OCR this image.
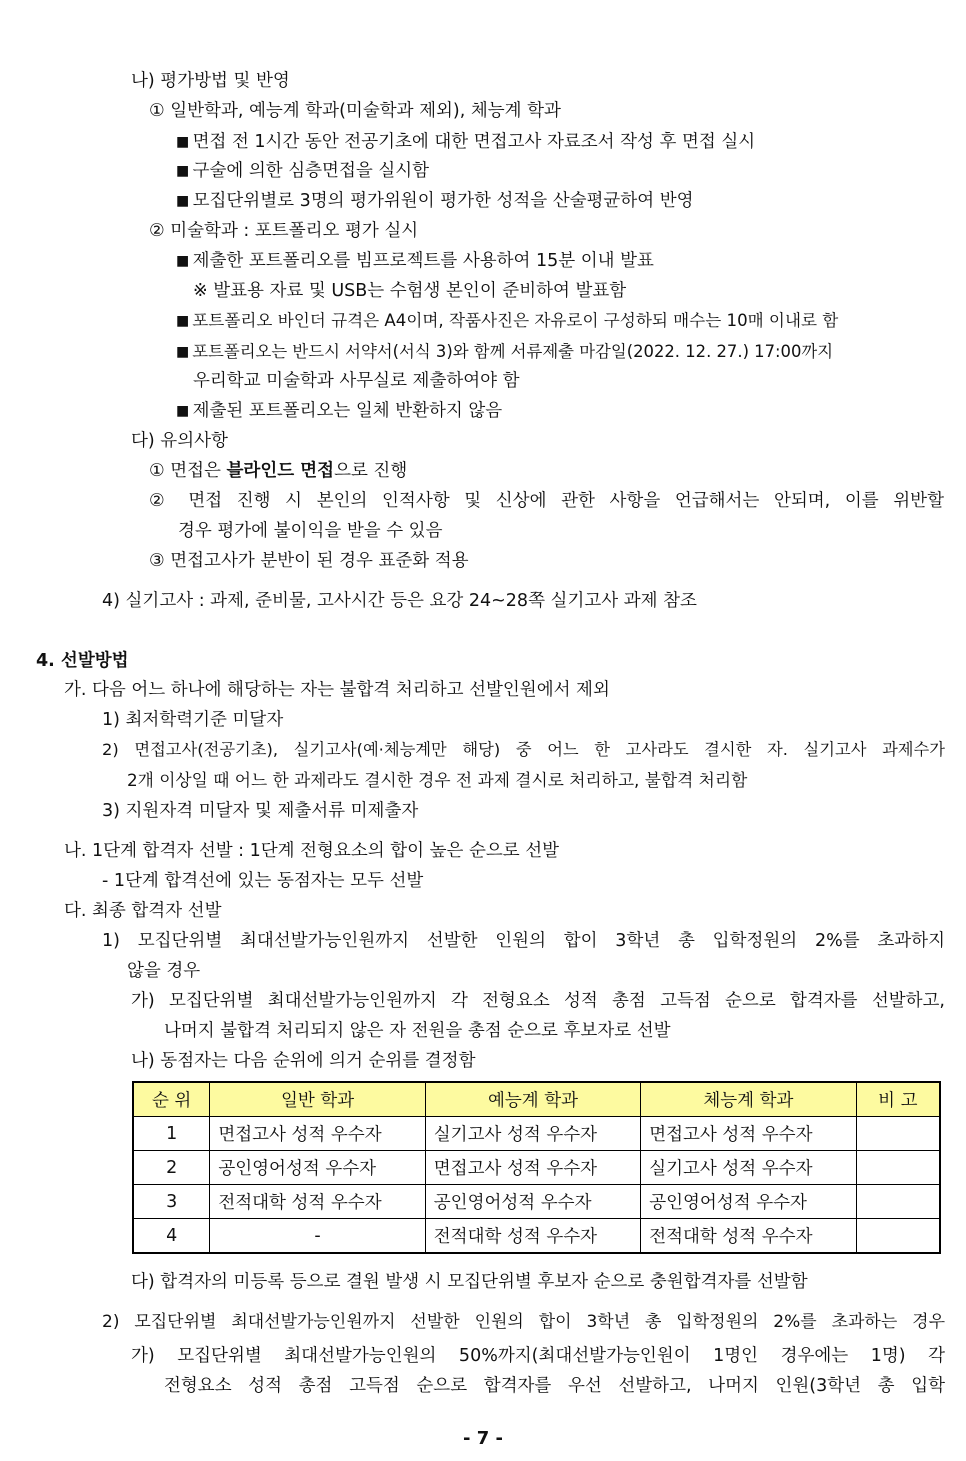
나) 평가방법 및 반영
① 일반학과, 예능계 학과(미술학과 제외), 체능계 학과
■ 면접 전 1시간 동안 전공기초에 대한 면접고사 자료조서 작성 후 면접 실시
■ 구술에 의한 심층면접을 실시함
■ 모집단위별로 3명의 평가위원이 평가한 성적을 산술평균하여 반영
② 미술학과 : 포트폴리오 평가 실시
■ 제출한 포트폴리오를 빔프로젝트를 사용하여 15분 이내 발표
※ 발표용 자료 및 USB는 수험생 본인이 준비하여 발표함
■ 포트폴리오 바인더 규격은 A4이며, 작품사진은 자유로이 구성하되 매수는 10매 이내로 함
■ 포트폴리오는 반드시 서약서(서식 3)와 함께 서류제출 마감일(2022. 12. 27.) 17:00까지
우리학교 미술학과 사무실로 제출하여야 함
■ 제출된 포트폴리오는 일체 반환하지 않음
다) 유의사항
① 면접은 블라인드 면접으로 진행
② 면접 진행 시 본인의 인적사항 및 신상에 관한 사항을 언급해서는 안되며, 이를 위반할
경우 평가에 불이익을 받을 수 있음
③ 면접고사가 분반이 된 경우 표준화 적용
4) 실기고사 : 과제, 준비물, 고사시간 등은 요강 24~28쪽 실기고사 과제 참조
4. 선발방법
가. 다음 어느 하나에 해당하는 자는 불합격 처리하고 선발인원에서 제외
1) 최저학력기준 미달자
2) 면접고사(전공기초), 실기고사(예·체능계만 해당) 중 어느 한 고사라도 결시한 자. 실기고사 과제수가
2개 이상일 때 어느 한 과제라도 결시한 경우 전 과제 결시로 처리하고, 불합격 처리함
3) 지원자격 미달자 및 제출서류 미제출자
나. 1단계 합격자 선발 : 1단계 전형요소의 합이 높은 순으로 선발
- 1단계 합격선에 있는 동점자는 모두 선발
다. 최종 합격자 선발
1) 모집단위별 최대선발가능인원까지 선발한 인원의 합이 3학년 총 입학정원의 2%를 초과하지
않을 경우
가) 모집단위별 최대선발가능인원까지 각 전형요소 성적 총점 고득점 순으로 합격자를 선발하고,
나머지 불합격 처리되지 않은 자 전원을 총점 순으로 후보자로 선발
나) 동점자는 다음 순위에 의거 순위를 결정함
순 위	일반 학과	예능계 학과	체능계 학과	비 고
1	면접고사 성적 우수자	실기고사 성적 우수자	면접고사 성적 우수자	
2	공인영어성적 우수자	면접고사 성적 우수자	실기고사 성적 우수자	
3	전적대학 성적 우수자	공인영어성적 우수자	공인영어성적 우수자	
4	-	전적대학 성적 우수자	전적대학 성적 우수자	
다) 합격자의 미등록 등으로 결원 발생 시 모집단위별 후보자 순으로 충원합격자를 선발함
2) 모집단위별 최대선발가능인원까지 선발한 인원의 합이 3학년 총 입학정원의 2%를 초과하는 경우
가) 모집단위별 최대선발가능인원의 50%까지(최대선발가능인원이 1명인 경우에는 1명) 각
전형요소 성적 총점 고득점 순으로 합격자를 우선 선발하고, 나머지 인원(3학년 총 입학
- 7 -
